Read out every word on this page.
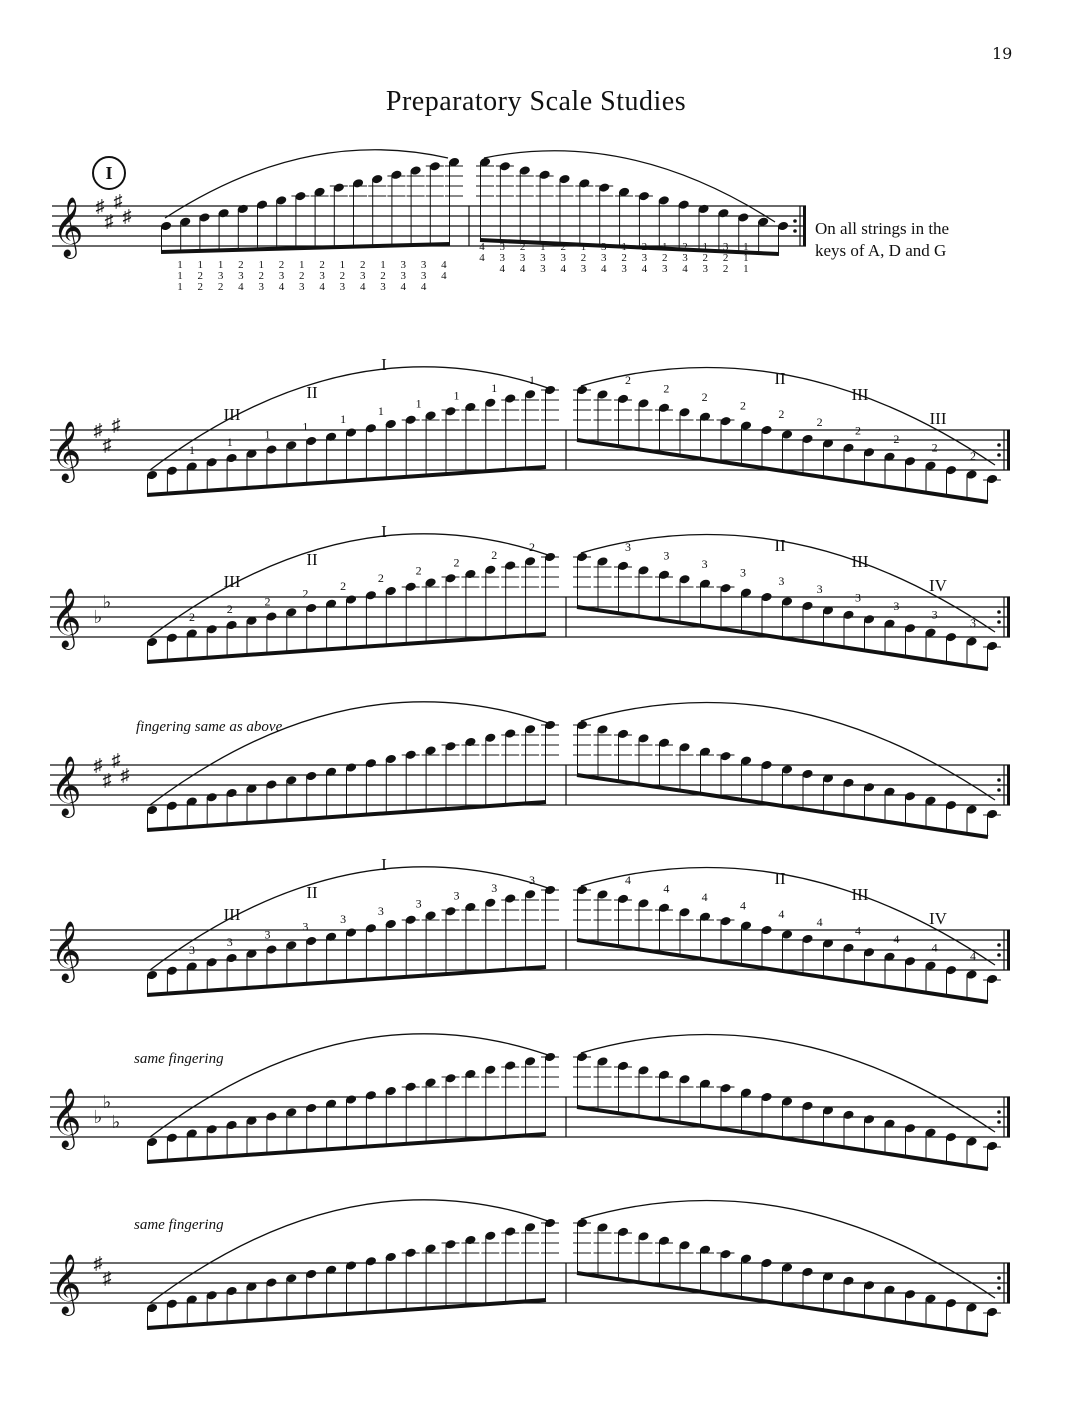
19
Preparatory Scale Studies
I
On all strings in the
keys of A, D and G
𝄞 ♯
♯
♯
♯
1
1
1
1
2
2
1
3
2
2
3
4
1
2
3
2
3
4
1
2
3
2
3
4
1
2
3
2
3
4
1
2
3
3
3
4
3
3
4
4
4
4
4
3
3
4
2
3
4
1
3
3
2
3
4
1
2
3
3
3
4
1
2
3
2
3
4
1
2
3
2
3
4
1
2
3
3
2
2
1
1
1
𝄞 ♯
♯
♯
III
II
I
II
III
III
1
1
1
1
1
1
1
1
1
1	2
2
2
2
2
2
2
2
2
2
𝄞 ♭
♭
III
II
I
II
III
IV
2
2
2
2
2
2
2
2
2
2	3
3
3
3
3
3
3
3
3
3
𝄞 ♯
♯
♯
♯
fingering same as above
𝄞
III
II
I
II
III
IV
3
3
3
3
3
3
3
3
3
3	4
4
4
4
4
4
4
4
4
4
𝄞 ♭
♭
♭
same fingering
𝄞 ♯
♯
same fingering
